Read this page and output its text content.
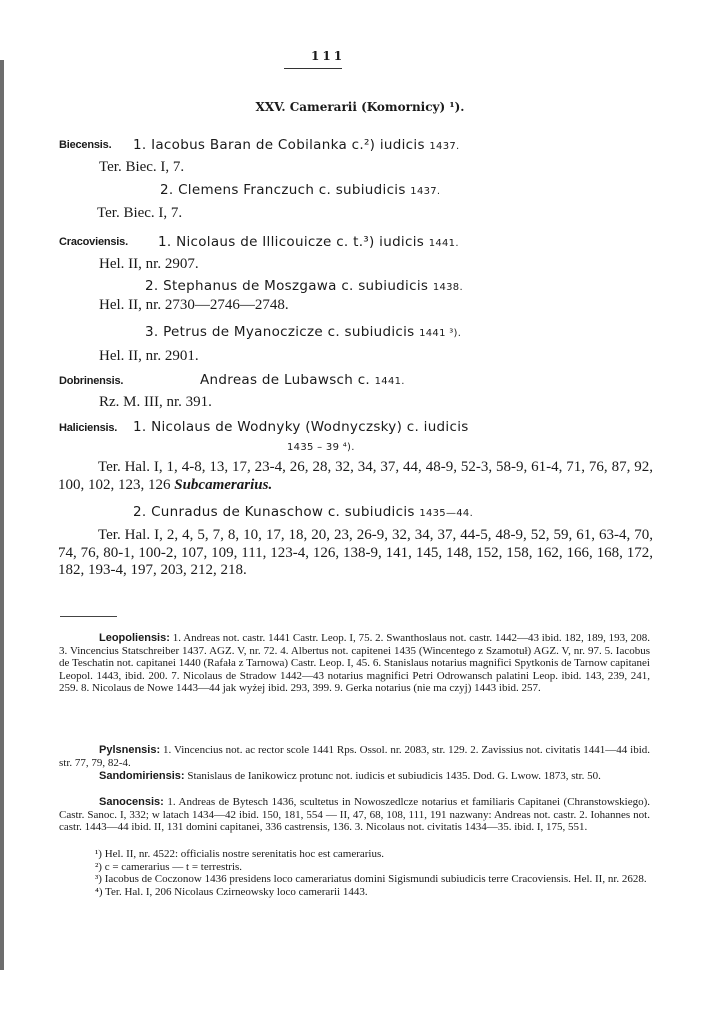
111
XXV. Camerarii (Komornicy) ¹).
Biecensis. 1. Iacobus Baran de Cobilanka c.²) iudicis 1437.
Ter. Biec. I, 7.
2. Clemens Franczuch c. subiudicis 1437.
Ter. Biec. I, 7.
Cracoviensis. 1. Nicolaus de Illicouicze c. t.³) iudicis 1441.
Hel. II, nr. 2907.
2. Stephanus de Moszgawa c. subiudicis 1438.
Hel. II, nr. 2730—2746—2748.
3. Petrus de Myanoczicze c. subiudicis 1441 ³).
Hel. II, nr. 2901.
Dobrinensis.	Andreas de Lubawsch c. 1441.
Rz. M. III, nr. 391.
Haliciensis. 1. Nicolaus de Wodnyky (Wodnyczsky) c. iudicis
1435 – 39 ⁴).
Ter. Hal. I, 1, 4-8, 13, 17, 23-4, 26, 28, 32, 34, 37, 44, 48-9, 52-3, 58-9, 61-4, 71, 76, 87, 92, 100, 102, 123, 126 Subcamerarius.
2. Cunradus de Kunaschow c. subiudicis 1435—44.
Ter. Hal. I, 2, 4, 5, 7, 8, 10, 17, 18, 20, 23, 26-9, 32, 34, 37, 44-5, 48-9, 52, 59, 61, 63-4, 70, 74, 76, 80-1, 100-2, 107, 109, 111, 123-4, 126, 138-9, 141, 145, 148, 152, 158, 162, 166, 168, 172, 182, 193-4, 197, 203, 212, 218.
Leopoliensis: 1. Andreas not. castr. 1441 Castr. Leop. I, 75. 2. Swanthoslaus not. castr. 1442—43 ibid. 182, 189, 193, 208. 3. Vincencius Statschreiber 1437. AGZ. V, nr. 72. 4. Albertus not. capitenei 1435 (Wincentego z Szamotuł) AGZ. V, nr. 97. 5. Iacobus de Teschatin not. capitanei 1440 (Rafała z Tarnowa) Castr. Leop. I, 45. 6. Stanislaus notarius magnifici Spytkonis de Tarnow capitanei Leopol. 1443, ibid. 200. 7. Nicolaus de Stradow 1442—43 notarius magnifici Petri Odrowansch palatini Leop. ibid. 143, 239, 241, 259. 8. Nicolaus de Nowe 1443—44 jak wyżej ibid. 293, 399. 9. Gerka notarius (nie ma czyj) 1443 ibid. 257.
Pylsnensis: 1. Vincencius not. ac rector scole 1441 Rps. Ossol. nr. 2083, str. 129. 2. Zavissius not. civitatis 1441—44 ibid. str. 77, 79, 82-4.
Sandomiriensis: Stanislaus de Ianikowicz protunc not. iudicis et subiudicis 1435. Dod. G. Lwow. 1873, str. 50.
Sanocensis: 1. Andreas de Bytesch 1436, scultetus in Nowoszedlcze notarius et familiaris Capitanei (Chranstowskiego). Castr. Sanoc. I, 332; w latach 1434—42 ibid. 150, 181, 554 — II, 47, 68, 108, 111, 191 nazwany: Andreas not. castr. 2. Iohannes not. castr. 1443—44 ibid. II, 131 domini capitanei, 336 castrensis, 136. 3. Nicolaus not. civitatis 1434—35. ibid. I, 175, 551.
¹) Hel. II, nr. 4522: officialis nostre serenitatis hoc est camerarius.
²) c = camerarius — t = terrestris.
³) Iacobus de Coczonow 1436 presidens loco camerariatus domini Sigismundi subiudicis terre Cracoviensis. Hel. II, nr. 2628.
⁴) Ter. Hal. I, 206 Nicolaus Czirneowsky loco camerarii 1443.
